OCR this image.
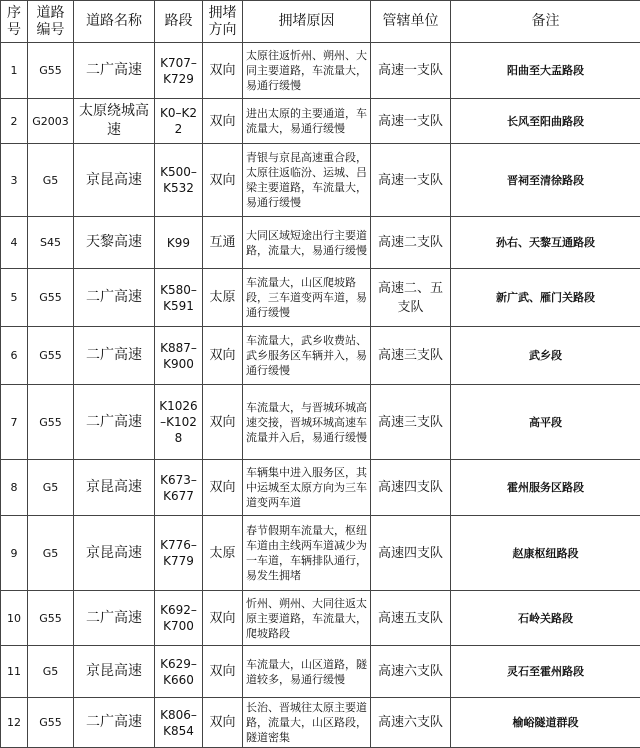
序号	道路编号	道路名称	路段	拥堵方向	拥堵原因	管辖单位	备注
1	G55	二广高速	K707–K729	双向	太原往返忻州、朔州、大同主要道路，车流量大，易通行缓慢	高速一支队	阳曲至大盂路段
2	G2003	太原绕城高速	K0–K22	双向	进出太原的主要通道，车流量大，易通行缓慢	高速一支队	长风至阳曲路段
3	G5	京昆高速	K500–K532	双向	青银与京昆高速重合段，太原往返临汾、运城、吕梁主要道路，车流量大，易通行缓慢	高速一支队	晋祠至清徐路段
4	S45	天黎高速	K99	互通	大同区域短途出行主要道路，流量大，易通行缓慢	高速二支队	孙右、天黎互通路段
5	G55	二广高速	K580–K591	太原	车流量大，山区爬坡路段，三车道变两车道，易通行缓慢	高速二、五支队	新广武、雁门关路段
6	G55	二广高速	K887–K900	双向	车流量大，武乡收费站、武乡服务区车辆并入，易通行缓慢	高速三支队	武乡段
7	G55	二广高速	K1026–K1028	双向	车流量大，与晋城环城高速交接，晋城环城高速车流量并入后，易通行缓慢	高速三支队	高平段
8	G5	京昆高速	K673–K677	双向	车辆集中进入服务区，其中运城至太原方向为三车道变两车道	高速四支队	霍州服务区路段
9	G5	京昆高速	K776–K779	太原	春节假期车流量大，枢纽车道由主线两车道减少为一车道，车辆排队通行，易发生拥堵	高速四支队	赵康枢纽路段
10	G55	二广高速	K692–K700	双向	忻州、朔州、大同往返太原主要道路，车流量大，爬坡路段	高速五支队	石岭关路段
11	G5	京昆高速	K629–K660	双向	车流量大，山区道路，隧道较多，易通行缓慢	高速六支队	灵石至霍州路段
12	G55	二广高速	K806–K854	双向	长治、晋城往太原主要道路，流量大，山区路段，隧道密集	高速六支队	榆峪隧道群段
